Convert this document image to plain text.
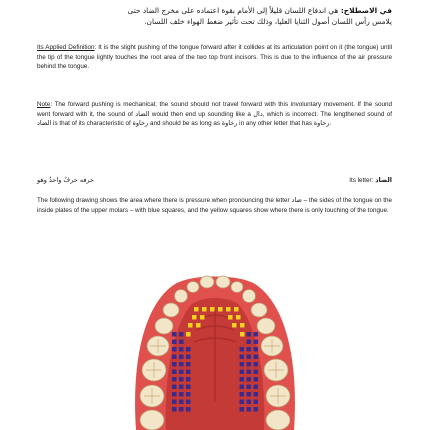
في الاصطلاح: هي اندفاع اللسان قليلاً إلى الأمام بقوة اعتماده على مخرج الضاد حتى
يلامس رأس اللسان أصول الثنايا العليا، وذلك تحت تأثير ضغط الهواء خلف اللسان.
Its Applied Definition: It is the slight pushing of the tongue forward after it collides at its articulation point on it (the tongue) until the tip of the tongue lightly touches the root area of the two top front incisors. This is due to the influence of the air pressure behind the tongue.
Note: The forward pushing is mechanical; the sound should not travel forward with this involuntary movement. If the sound went forward with it, the sound of الضاد would then end up sounding like a دال, which is incorrect. The lengthened sound of الضاد is that of its characteristic of رخاوة and should be as long as رخاوة in any other letter that has رخاوة.
حرفه حرفٌ واحدٌ وهو	Its letter: الضاد
The following drawing shows the area where there is pressure when pronouncing the letter ضاد – the sides of the tongue on the inside plates of the upper molars – with blue squares, and the yellow squares show where there is only touching of the tongue.
